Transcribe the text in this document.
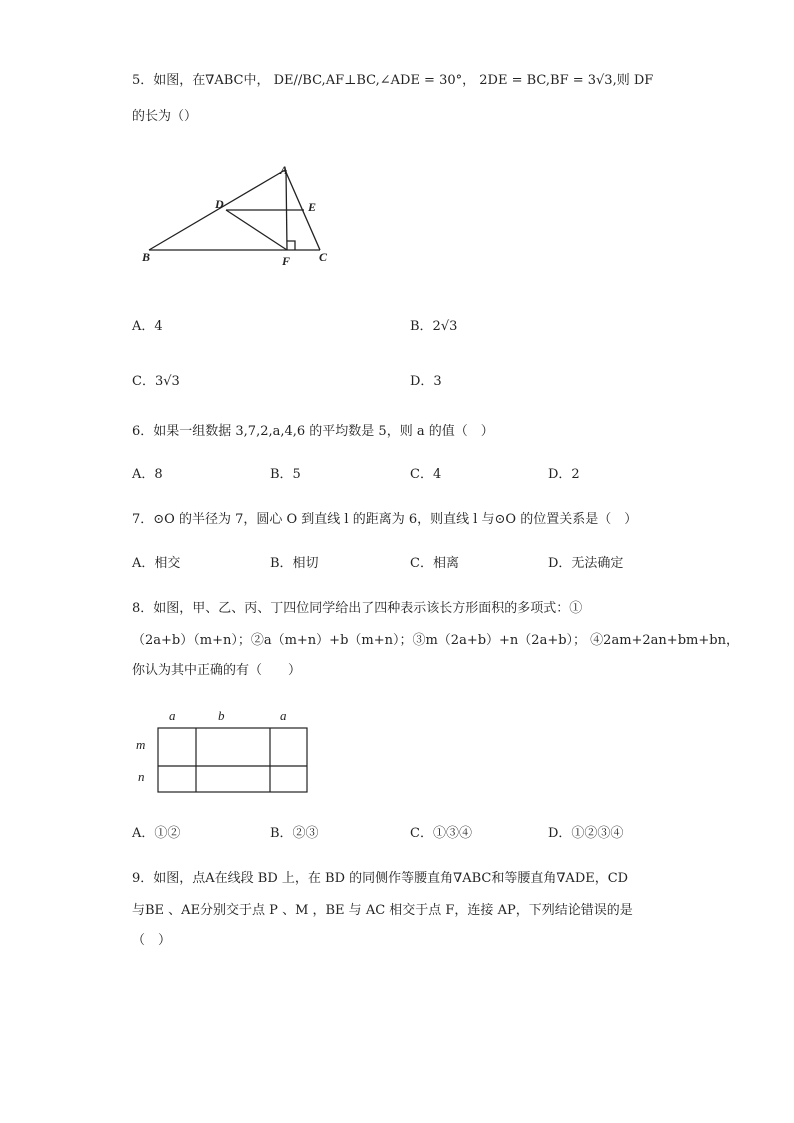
5．如图，在∇ABC中， DE//BC,AF⊥BC,∠ADE = 30°， 2DE = BC,BF = 3√3,则 DF
的长为（）
A
D	E
B	F C
A．4	B．2√3
C．3√3	D．3
6．如果一组数据 3,7,2,a,4,6 的平均数是 5，则 a 的值（　）
A．8	B．5	C．4	D．2
7．⊙O 的半径为 7，圆心 O 到直线 l 的距离为 6，则直线 l 与⊙O 的位置关系是（　）
A．相交	B．相切	C．相离	D．无法确定
8．如图，甲、乙、丙、丁四位同学给出了四种表示该长方形面积的多项式：①
（2a+b）（m+n）；②a（m+n）+b（m+n）；③m（2a+b）+n（2a+b）； ④2am+2an+bm+bn，
你认为其中正确的有（　　）
a	b	a
m
n
A．①②	B．②③	C．①③④	D．①②③④
9．如图，点A在线段 BD 上，在 BD 的同侧作等腰直角∇ABC和等腰直角∇ADE，CD
与BE 、AE分别交于点 P 、M ，BE 与 AC 相交于点 F，连接 AP，下列结论错误的是
（　）
